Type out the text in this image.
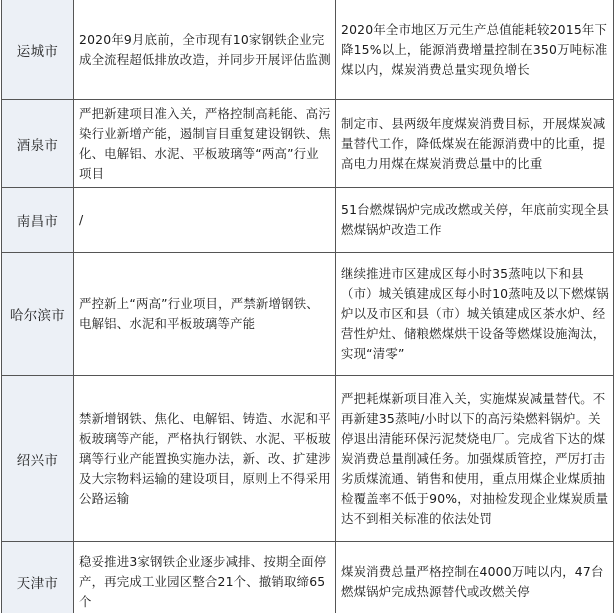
运城市	2020年9月底前，全市现有10家钢铁企业完成全流程超低排放改造，并同步开展评估监测	2020年全市地区万元生产总值能耗较2015年下降15%以上，能源消费增量控制在350万吨标准煤以内，煤炭消费总量实现负增长
酒泉市	严把新建项目准入关，严格控制高耗能、高污染行业新增产能，遏制盲目重复建设钢铁、焦化、电解铝、水泥、平板玻璃等“两高”行业项目	制定市、县两级年度煤炭消费目标，开展煤炭减量替代工作，降低煤炭在能源消费中的比重，提高电力用煤在煤炭消费总量中的比重
南昌市	/	51台燃煤锅炉完成改燃或关停，年底前实现全县燃煤锅炉改造工作
哈尔滨市	严控新上“两高”行业项目，严禁新增钢铁、电解铝、水泥和平板玻璃等产能	继续推进市区建成区每小时35蒸吨以下和县（市）城关镇建成区每小时10蒸吨及以下燃煤锅炉以及市区和县（市）城关镇建成区茶水炉、经营性炉灶、储粮燃煤烘干设备等燃煤设施淘汰，实现“清零”
绍兴市	禁新增钢铁、焦化、电解铝、铸造、水泥和平板玻璃等产能，严格执行钢铁、水泥、平板玻璃等行业产能置换实施办法，新、改、扩建涉及大宗物料运输的建设项目，原则上不得采用公路运输	严把耗煤新项目准入关，实施煤炭减量替代。不再新建35蒸吨/小时以下的高污染燃料锅炉。关停退出清能环保污泥焚烧电厂。完成省下达的煤炭消费总量削减任务。加强煤质管控，严厉打击劣质煤流通、销售和使用，重点用煤企业煤质抽检覆盖率不低于90%，对抽检发现企业煤炭质量达不到相关标准的依法处罚
天津市	稳妥推进3家钢铁企业逐步减排、按期全面停产，再完成工业园区整合21个、撤销取缔65个	煤炭消费总量严格控制在4000万吨以内，47台燃煤锅炉完成热源替代或改燃关停
